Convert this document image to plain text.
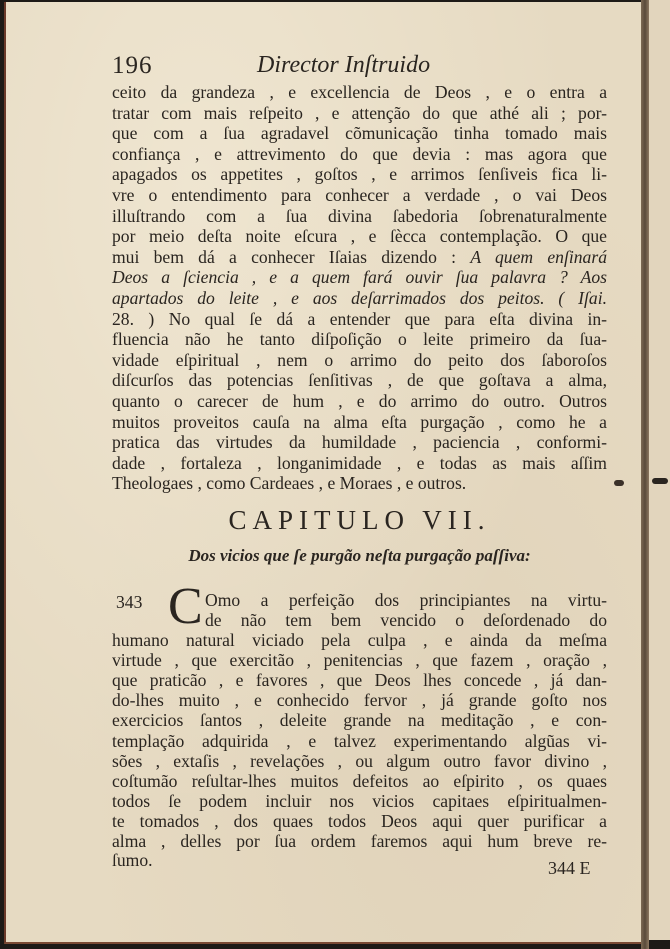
196	Director Inſtruido
ceito da grandeza , e excellencia de Deos , e o entra a
tratar com mais reſpeito , e attenção do que athé ali ; por-
que com a ſua agradavel cõmunicação tinha tomado mais
confiança , e attrevimento do que devia : mas agora que
apagados os appetites , goſtos , e arrimos ſenſiveis fica li-
vre o entendimento para conhecer a verdade , o vai Deos
illuſtrando com a ſua divina ſabedoria ſobrenaturalmente
por meio deſta noite eſcura , e ſècca contemplação. O que
mui bem dá a conhecer Iſaias dizendo : A quem enſinará
Deos a ſciencia , e a quem fará ouvir ſua palavra ? Aos
apartados do leite , e aos deſarrimados dos peitos. ( Iſai.
28. ) No qual ſe dá a entender que para eſta divina in-
fluencia não he tanto diſpoſição o leite primeiro da ſua-
vidade eſpiritual , nem o arrimo do peito dos ſaboroſos
diſcurſos das potencias ſenſitivas , de que goſtava a alma,
quanto o carecer de hum , e do arrimo do outro. Outros
muitos proveitos cauſa na alma eſta purgação , como he a
pratica das virtudes da humildade , paciencia , conformi-
dade , fortaleza , longanimidade , e todas as mais aſſim
Theologaes , como Cardeaes , e Moraes , e outros.
CAPITULO VII.
Dos vicios que ſe purgão neſta purgação paſſiva:
343 C Omo a perfeição dos principiantes na virtu-
de não tem bem vencido o deſordenado do
humano natural viciado pela culpa , e ainda da meſma
virtude , que exercitão , penitencias , que fazem , oração ,
que praticão , e favores , que Deos lhes concede , já dan-
do-lhes muito , e conhecido fervor , já grande goſto nos
exercicios ſantos , deleite grande na meditação , e con-
templação adquirida , e talvez experimentando algũas vi-
sões , extaſis , revelações , ou algum outro favor divino ,
coſtumão reſultar-lhes muitos defeitos ao eſpirito , os quaes
todos ſe podem incluir nos vicios capitaes eſpiritualmen-
te tomados , dos quaes todos Deos aqui quer purificar a
alma , delles por ſua ordem faremos aqui hum breve re-
ſumo.	344 E
